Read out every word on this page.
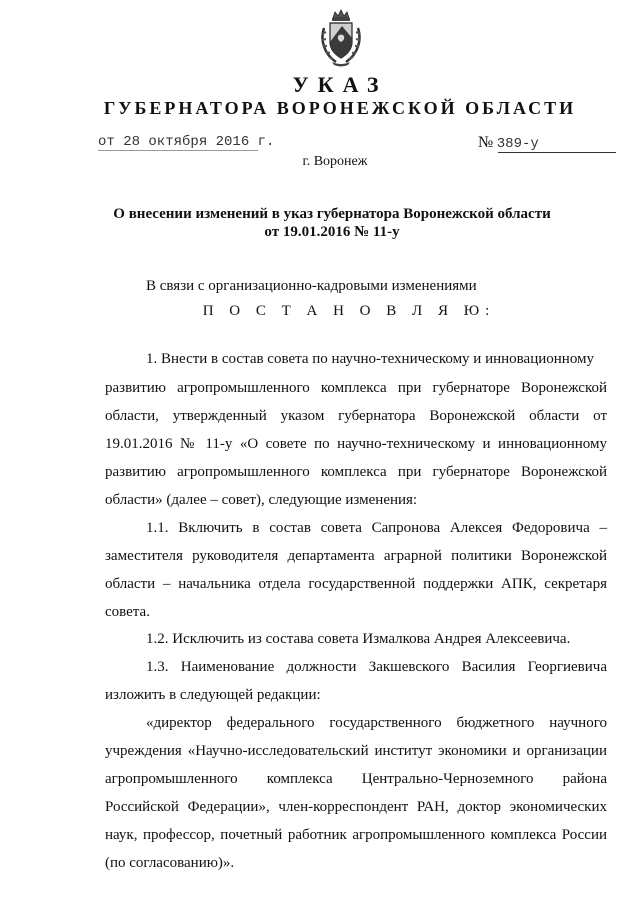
УКАЗ
ГУБЕРНАТОРА ВОРОНЕЖСКОЙ ОБЛАСТИ
от 28 октября 2016 г.	№ 389-у
г. Воронеж
О внесении изменений в указ губернатора Воронежской области
от 19.01.2016 № 11-у
В связи с организационно-кадровыми изменениями
П О С Т А Н О В Л Я Ю:
1. Внести в состав совета по научно-техническому и инновационному
развитию агропромышленного комплекса при губернаторе Воронежской
области, утвержденный указом губернатора Воронежской области от
19.01.2016 № 11-у «О совете по научно-техническому и инновационному
развитию агропромышленного комплекса при губернаторе Воронежской
области» (далее – совет), следующие изменения:
1.1. Включить в состав совета Сапронова Алексея Федоровича –
заместителя руководителя департамента аграрной политики Воронежской
области – начальника отдела государственной поддержки АПК, секретаря
совета.
1.2. Исключить из состава совета Измалкова Андрея Алексеевича.
1.3. Наименование должности Закшевского Василия Георгиевича
изложить в следующей редакции:
«директор федерального государственного бюджетного научного
учреждения «Научно-исследовательский институт экономики и организации
агропромышленного комплекса Центрально-Черноземного района
Российской Федерации», член-корреспондент РАН, доктор экономических
наук, профессор, почетный работник агропромышленного комплекса России
(по согласованию)».
